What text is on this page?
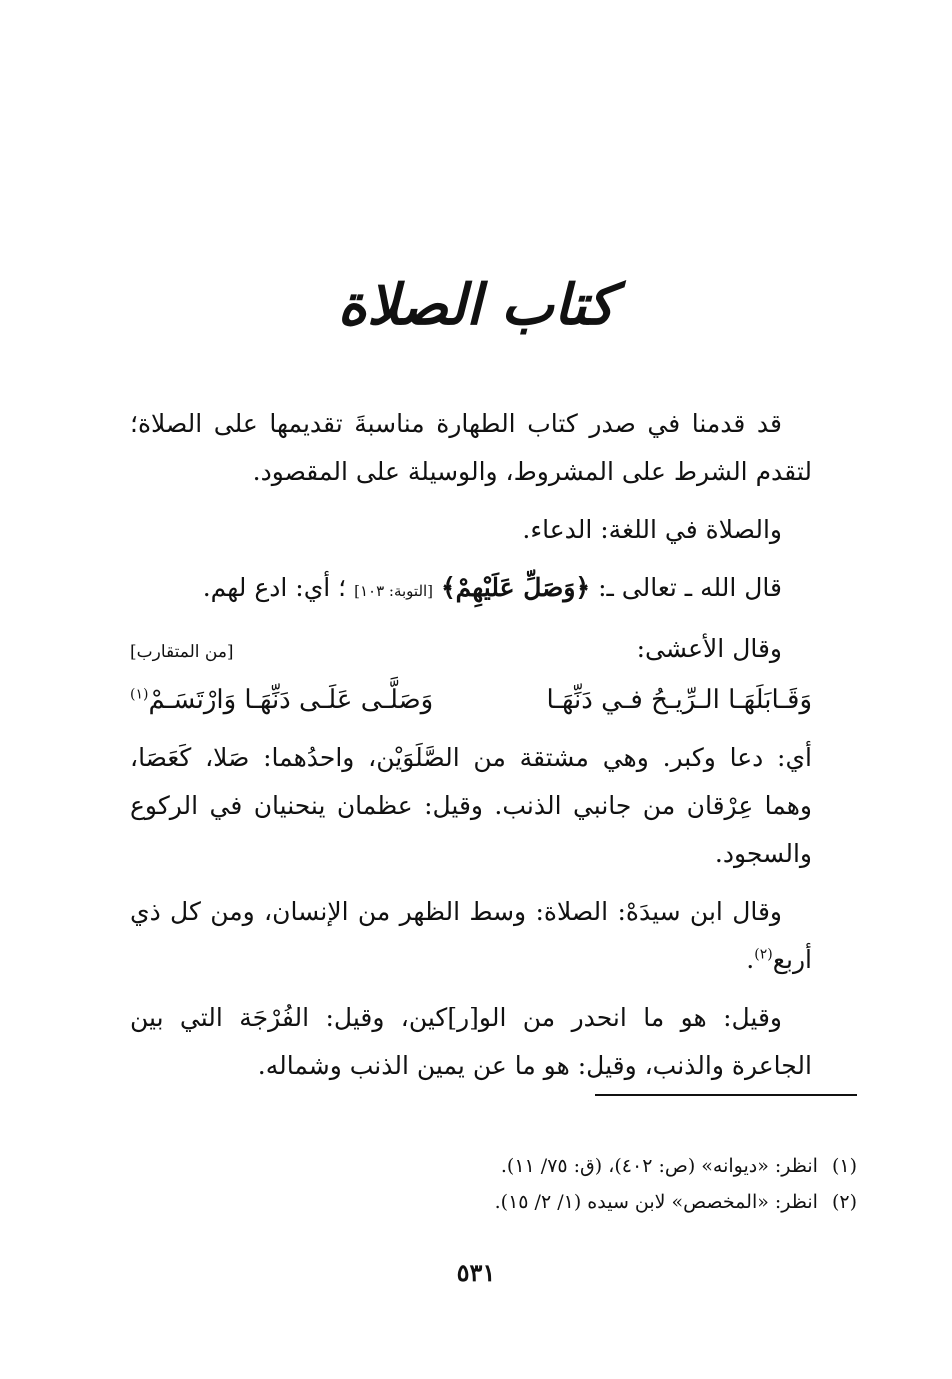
كتاب الصلاة

قد قدمنا في صدر كتاب الطهارة مناسبةَ تقديمها على الصلاة؛ لتقدم الشرط على المشروط، والوسيلة على المقصود.

والصلاة في اللغة: الدعاء.

قال الله ـ تعالى ـ: ﴿وَصَلِّ عَلَيْهِمْ﴾ [التوبة: ١٠٣] ؛ أي: ادع لهم.

وقال الأعشى:
[من المتقارب]
وَقَـابَلَهَـا الـرِّيـحُ فـي دَنِّهَـا
وَصَلَّـى عَلَـى دَنِّهَـا وَارْتَسَـمْ$^{(١)}$

أي: دعا وكبر. وهي مشتقة من الصَّلَوَيْن، واحدُهما: صَلا، كَعَصَا، وهما عِرْقان من جانبي الذنب. وقيل: عظمان ينحنيان في الركوع والسجود.

وقال ابن سيدَهْ: الصلاة: وسط الظهر من الإنسان، ومن كل ذي أربع$^{(٢)}$.

وقيل: هو ما انحدر من الو[ر]كين، وقيل: الفُرْجَة التي بين الجاعرة والذنب، وقيل: هو ما عن يمين الذنب وشماله.

(١)
انظر: «ديوانه» (ص: ٤٠٢)، (ق: ٧٥/ ١١).
(٢)
انظر: «المخصص» لابن سيده (١/ ٢/ ١٥).
٥٣١
